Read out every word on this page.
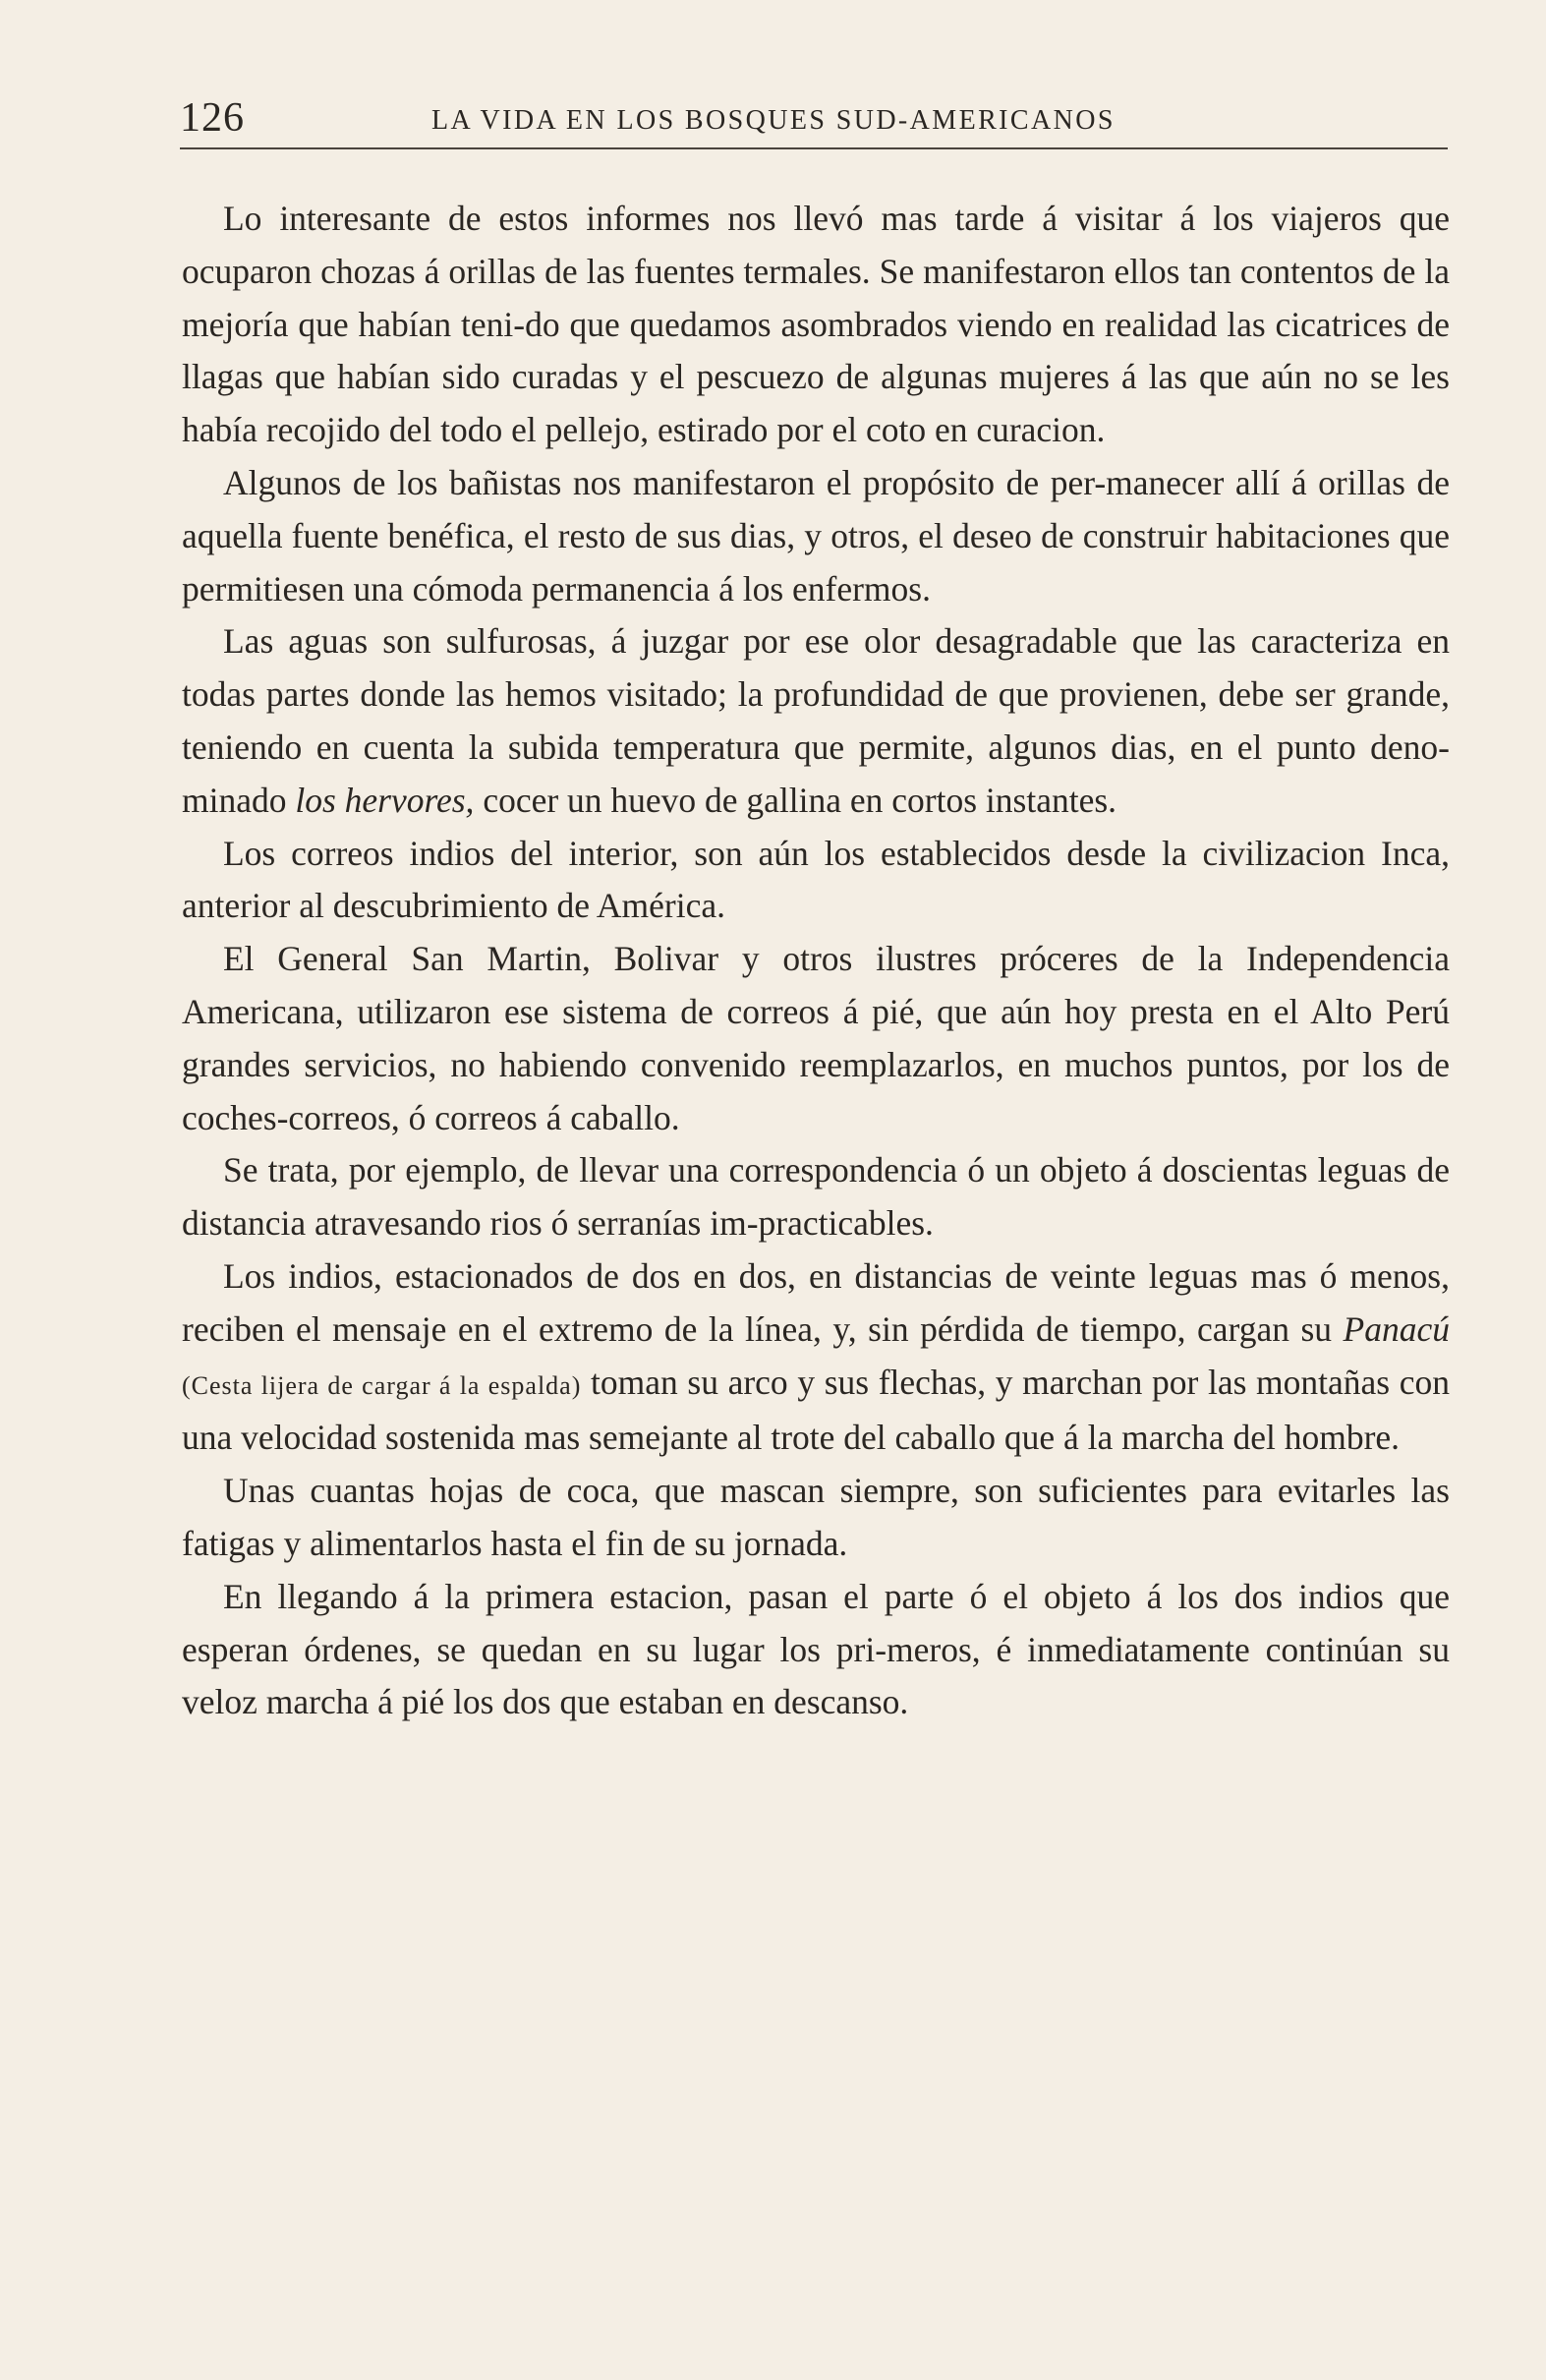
126	LA VIDA EN LOS BOSQUES SUD-AMERICANOS

Lo interesante de estos informes nos llevó mas tarde á visitar á los viajeros que ocuparon chozas á orillas de las fuentes termales. Se manifestaron ellos tan contentos de la mejoría que habían teni-do que quedamos asombrados viendo en realidad las cicatrices de llagas que habían sido curadas y el pescuezo de algunas mujeres á las que aún no se les había recojido del todo el pellejo, estirado por el coto en curacion.

Algunos de los bañistas nos manifestaron el propósito de per-manecer allí á orillas de aquella fuente benéfica, el resto de sus dias, y otros, el deseo de construir habitaciones que permitiesen una cómoda permanencia á los enfermos.

Las aguas son sulfurosas, á juzgar por ese olor desagradable que las caracteriza en todas partes donde las hemos visitado; la profundidad de que provienen, debe ser grande, teniendo en cuenta la subida temperatura que permite, algunos dias, en el punto deno-minado los hervores, cocer un huevo de gallina en cortos instantes.

Los correos indios del interior, son aún los establecidos desde la civilizacion Inca, anterior al descubrimiento de América.

El General San Martin, Bolivar y otros ilustres próceres de la Independencia Americana, utilizaron ese sistema de correos á pié, que aún hoy presta en el Alto Perú grandes servicios, no habiendo convenido reemplazarlos, en muchos puntos, por los de coches-correos, ó correos á caballo.

Se trata, por ejemplo, de llevar una correspondencia ó un objeto á doscientas leguas de distancia atravesando rios ó serranías im-practicables.

Los indios, estacionados de dos en dos, en distancias de veinte leguas mas ó menos, reciben el mensaje en el extremo de la línea, y, sin pérdida de tiempo, cargan su Panacú (Cesta lijera de cargar á la espalda) toman su arco y sus flechas, y marchan por las montañas con una velocidad sostenida mas semejante al trote del caballo que á la marcha del hombre.

Unas cuantas hojas de coca, que mascan siempre, son suficientes para evitarles las fatigas y alimentarlos hasta el fin de su jornada.

En llegando á la primera estacion, pasan el parte ó el objeto á los dos indios que esperan órdenes, se quedan en su lugar los pri-meros, é inmediatamente continúan su veloz marcha á pié los dos que estaban en descanso.
